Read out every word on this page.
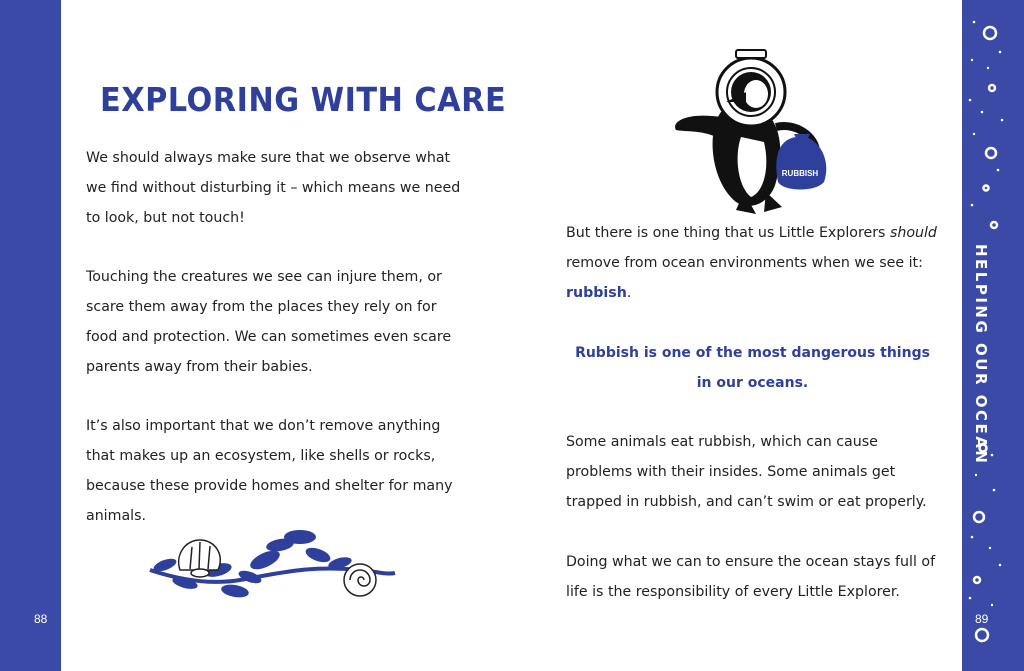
88	89
HELPING OUR OCEAN
EXPLORING WITH CARE

We should always make sure that we observe what we find without disturbing it – which means we need to look, but not touch!

Touching the creatures we see can injure them, or scare them away from the places they rely on for food and protection. We can sometimes even scare parents away from their babies.

It’s also important that we don’t remove anything that makes up an ecosystem, like shells or rocks, because these provide homes and shelter for many animals.

RUBBISH

But there is one thing that us Little Explorers should remove from ocean environments when we see it: rubbish.

Rubbish is one of the most dangerous things in our oceans.

Some animals eat rubbish, which can cause problems with their insides. Some animals get trapped in rubbish, and can’t swim or eat properly.

Doing what we can to ensure the ocean stays full of life is the responsibility of every Little Explorer.
